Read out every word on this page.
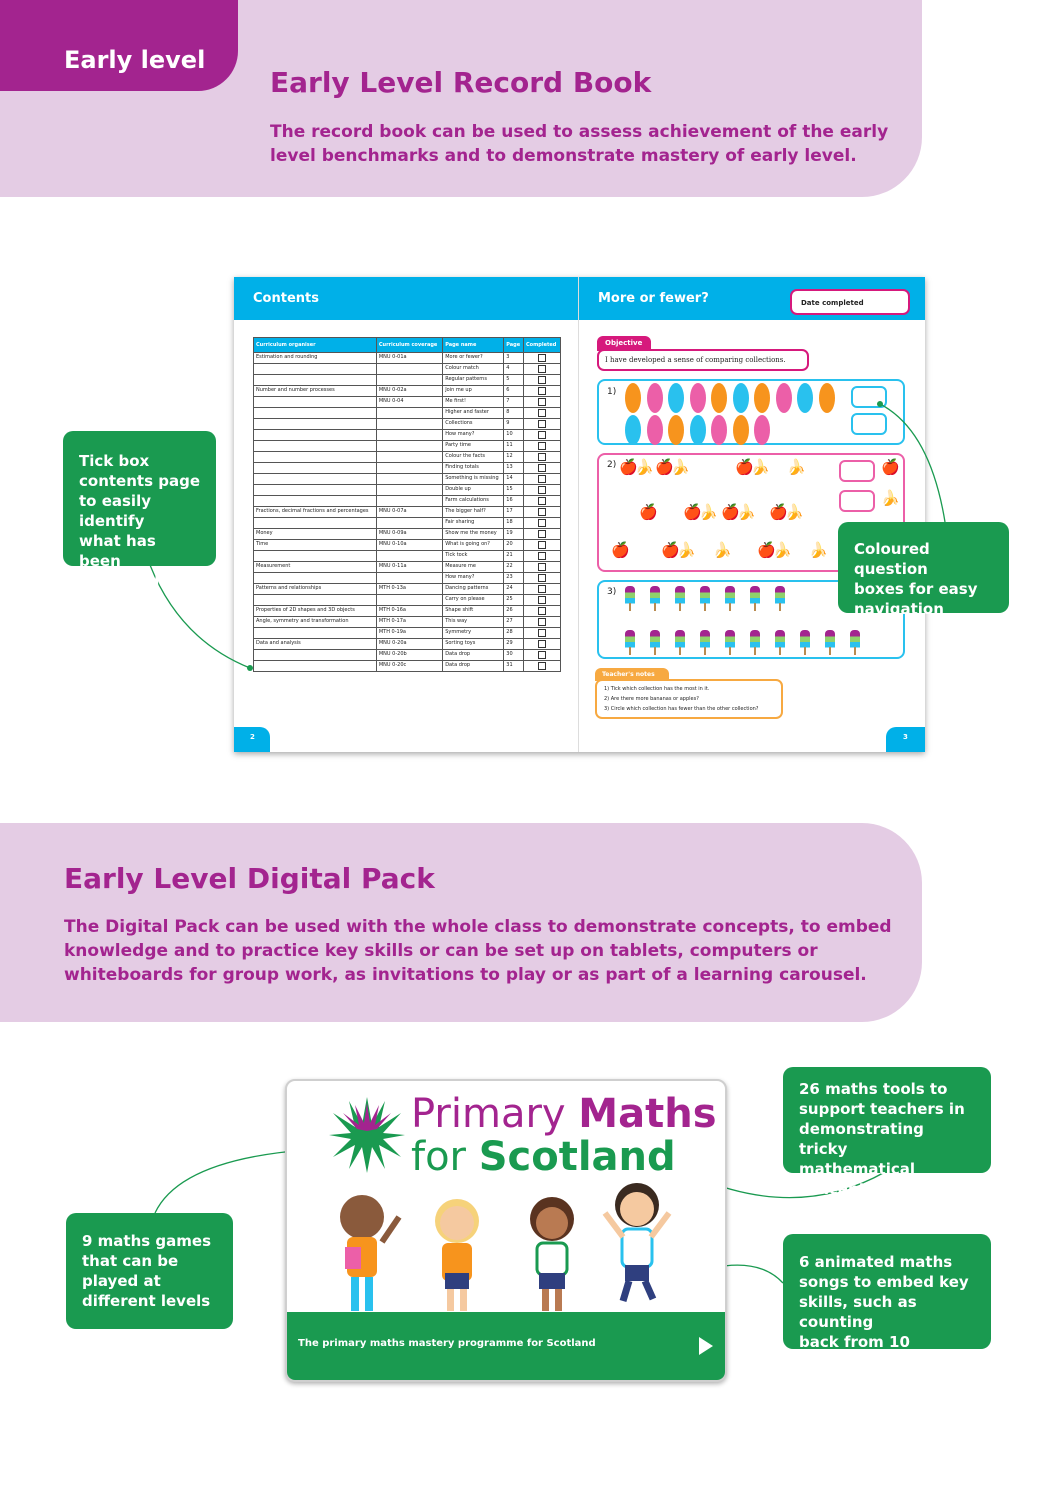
Early level
Early Level Record Book
The record book can be used to assess achievement of the early
level benchmarks and to demonstrate mastery of early level.
Contents	More or fewer?	Date completed
Curriculum organiser	Curriculum coverage	Page name	Page	Completed
Estimation and rounding	MNU 0-01a	More or fewer?	3	

		Colour match	4	

		Regular patterns	5	

Number and number processes	MNU 0-02a	Join me up	6	

	MNU 0-04	Me first!	7	

		Higher and faster	8	

		Collections	9	

		How many?	10	

		Party time	11	

		Colour the facts	12	

		Finding totals	13	

		Something is missing	14	

		Double up	15	

		Farm calculations	16	

Fractions, decimal fractions and percentages	MNU 0-07a	The bigger half?	17	

		Fair sharing	18	

Money	MNU 0-09a	Show me the money	19	

Time	MNU 0-10a	What is going on?	20	

		Tick tock	21	

Measurement	MNU 0-11a	Measure me	22	

		How many?	23	

Patterns and relationships	MTH 0-13a	Dancing patterns	24	

		Carry on please	25	

Properties of 2D shapes and 3D objects	MTH 0-16a	Shape shift	26	

Angle, symmetry and transformation	MTH 0-17a	This way	27	

	MTH 0-19a	Symmetry	28	

Data and analysis	MNU 0-20a	Sorting toys	29	

	MNU 0-20b	Data drop	30	

	MNU 0-20c	Data drop	31	
2	3
Objective
I have developed a sense of comparing collections.
1)
2) 🍎
🍌 🍎
🍌	🍎
🍌 🍌	🍎
🍌
🍎 🍎
🍌 🍎
🍌 🍎
🍌
🍎 🍎
🍌 🍌 🍎
🍌 🍌
3)
Teacher's notes
1) Tick which collection has the most in it.
2) Are there more bananas or apples?
3) Circle which collection has fewer than the other collection?
Tick box
contents page
to easily identify
what has been
mastered
Coloured question
boxes for easy
navigation
Early Level Digital Pack
The Digital Pack can be used with the whole class to demonstrate concepts, to embed
knowledge and to practice key skills or can be set up on tablets, computers or
whiteboards for group work, as invitations to play or as part of a learning carousel.
Primary Maths
for Scotland
The primary maths mastery programme for Scotland
26 maths tools to
support teachers in
demonstrating tricky
mathematical concepts
9 maths games
that can be
played at
different levels
6 animated maths
songs to embed key
skills, such as counting
back from 10
